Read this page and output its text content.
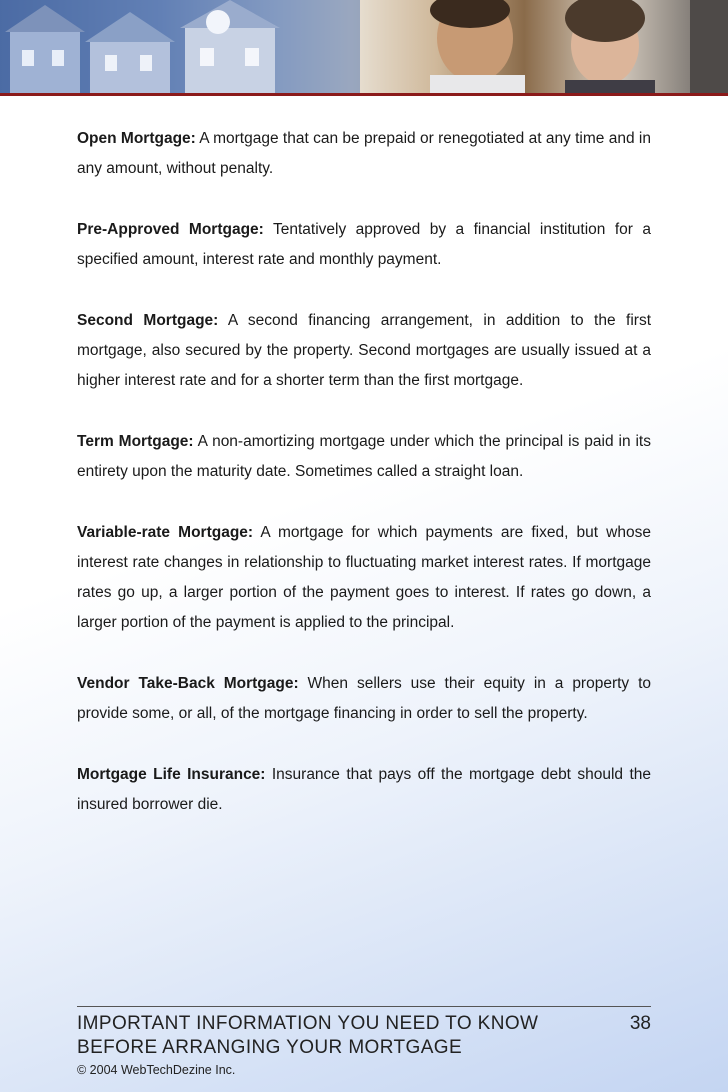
Open Mortgage: A mortgage that can be prepaid or renegotiated at any time and in any amount, without penalty.

Pre-Approved Mortgage: Tentatively approved by a financial institution for a specified amount, interest rate and monthly payment.

Second Mortgage: A second financing arrangement, in addition to the first mortgage, also secured by the property. Second mortgages are usually issued at a higher interest rate and for a shorter term than the first mortgage.

Term Mortgage: A non-amortizing mortgage under which the principal is paid in its entirety upon the maturity date. Sometimes called a straight loan.

Variable-rate Mortgage: A mortgage for which payments are fixed, but whose interest rate changes in relationship to fluctuating market interest rates. If mortgage rates go up, a larger portion of the payment goes to interest. If rates go down, a larger portion of the payment is applied to the principal.

Vendor Take-Back Mortgage: When sellers use their equity in a property to provide some, or all, of the mortgage financing in order to sell the property.

Mortgage Life Insurance: Insurance that pays off the mortgage debt should the insured borrower die.

IMPORTANT INFORMATION YOU NEED TO KNOW
BEFORE ARRANGING YOUR MORTGAGE
38
© 2004 WebTechDezine Inc.
